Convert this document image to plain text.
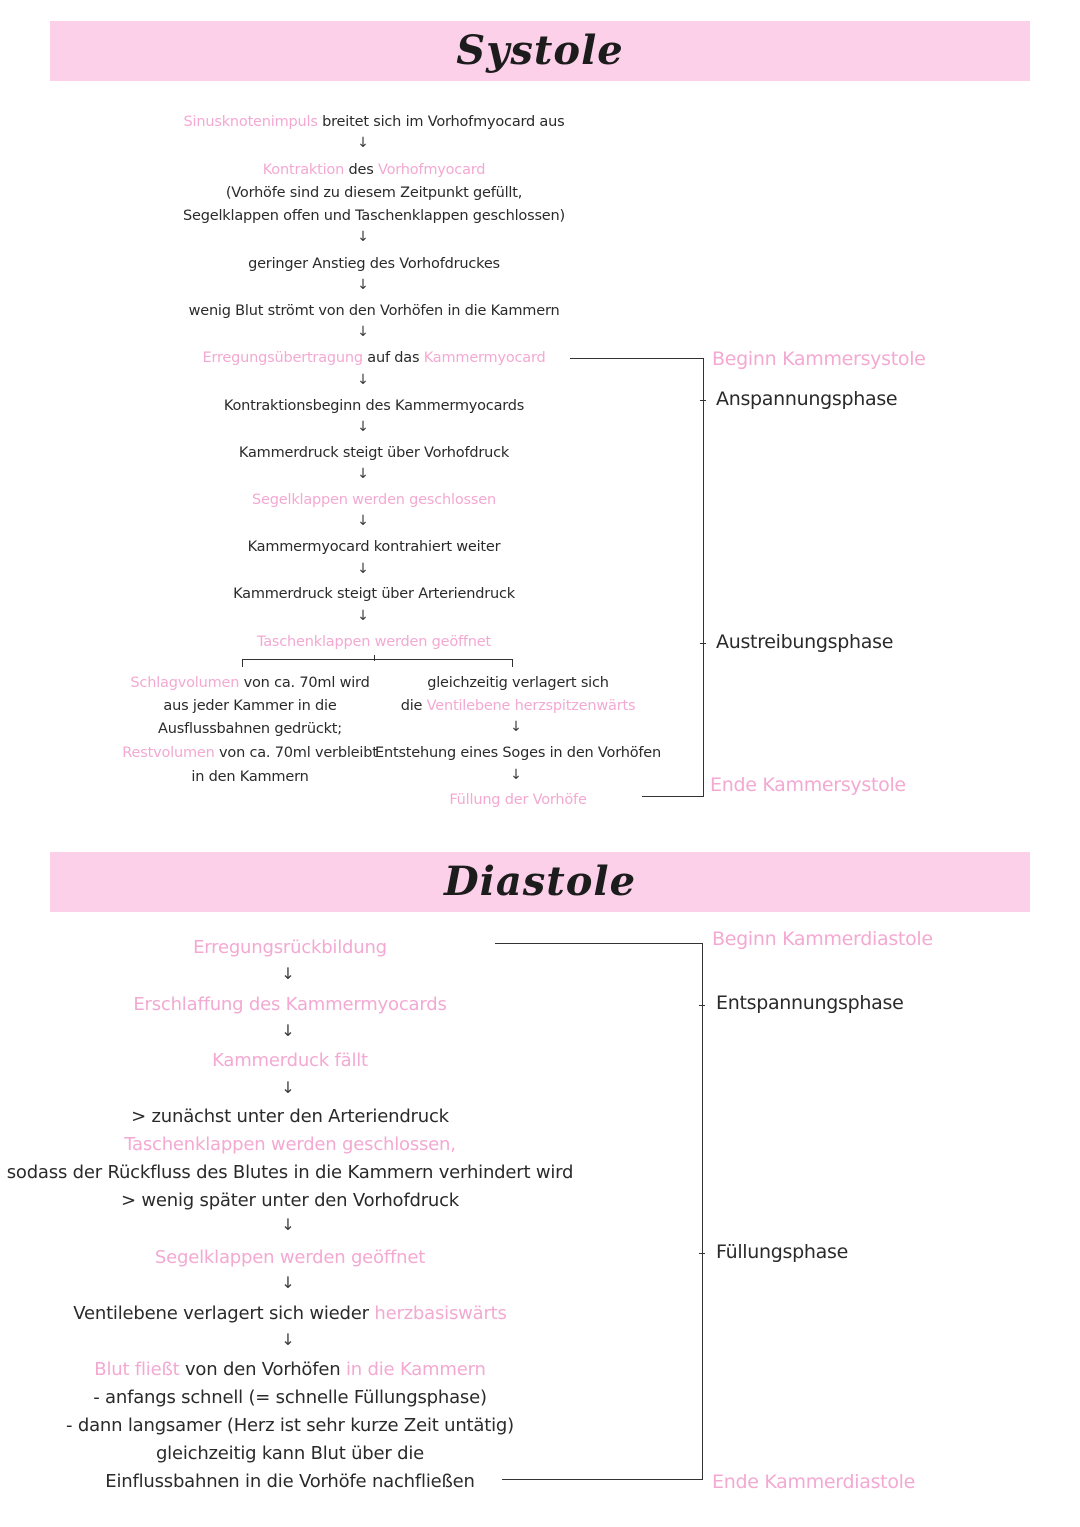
Systole
Sinusknotenimpuls breitet sich im Vorhofmyocard aus
↓
Kontraktion des Vorhofmyocard
(Vorhöfe sind zu diesem Zeitpunkt gefüllt,
Segelklappen offen und Taschenklappen geschlossen)
↓
geringer Anstieg des Vorhofdruckes
↓
wenig Blut strömt von den Vorhöfen in die Kammern
↓
Erregungsübertragung auf das Kammermyocard
↓
Kontraktionsbeginn des Kammermyocards
↓
Kammerdruck steigt über Vorhofdruck
↓
Segelklappen werden geschlossen
↓
Kammermyocard kontrahiert weiter
↓
Kammerdruck steigt über Arteriendruck
↓
Taschenklappen werden geöffnet
Schlagvolumen von ca. 70ml wird
aus jeder Kammer in die
Ausflussbahnen gedrückt;
Restvolumen von ca. 70ml verbleibt
in den Kammern
gleichzeitig verlagert sich
die Ventilebene herzspitzenwärts
↓
Entstehung eines Soges in den Vorhöfen
↓
Füllung der Vorhöfe
Beginn Kammersystole
Anspannungsphase
Austreibungsphase
Ende Kammersystole
Diastole
Erregungsrückbildung
↓
Erschlaffung des Kammermyocards
↓
Kammerduck fällt
↓
> zunächst unter den Arteriendruck
Taschenklappen werden geschlossen,
sodass der Rückfluss des Blutes in die Kammern verhindert wird
> wenig später unter den Vorhofdruck
↓
Segelklappen werden geöffnet
↓
Ventilebene verlagert sich wieder herzbasiswärts
↓
Blut fließt von den Vorhöfen in die Kammern
- anfangs schnell (= schnelle Füllungsphase)
- dann langsamer (Herz ist sehr kurze Zeit untätig)
gleichzeitig kann Blut über die
Einflussbahnen in die Vorhöfe nachfließen
Beginn Kammerdiastole
Entspannungsphase
Füllungsphase
Ende Kammerdiastole
